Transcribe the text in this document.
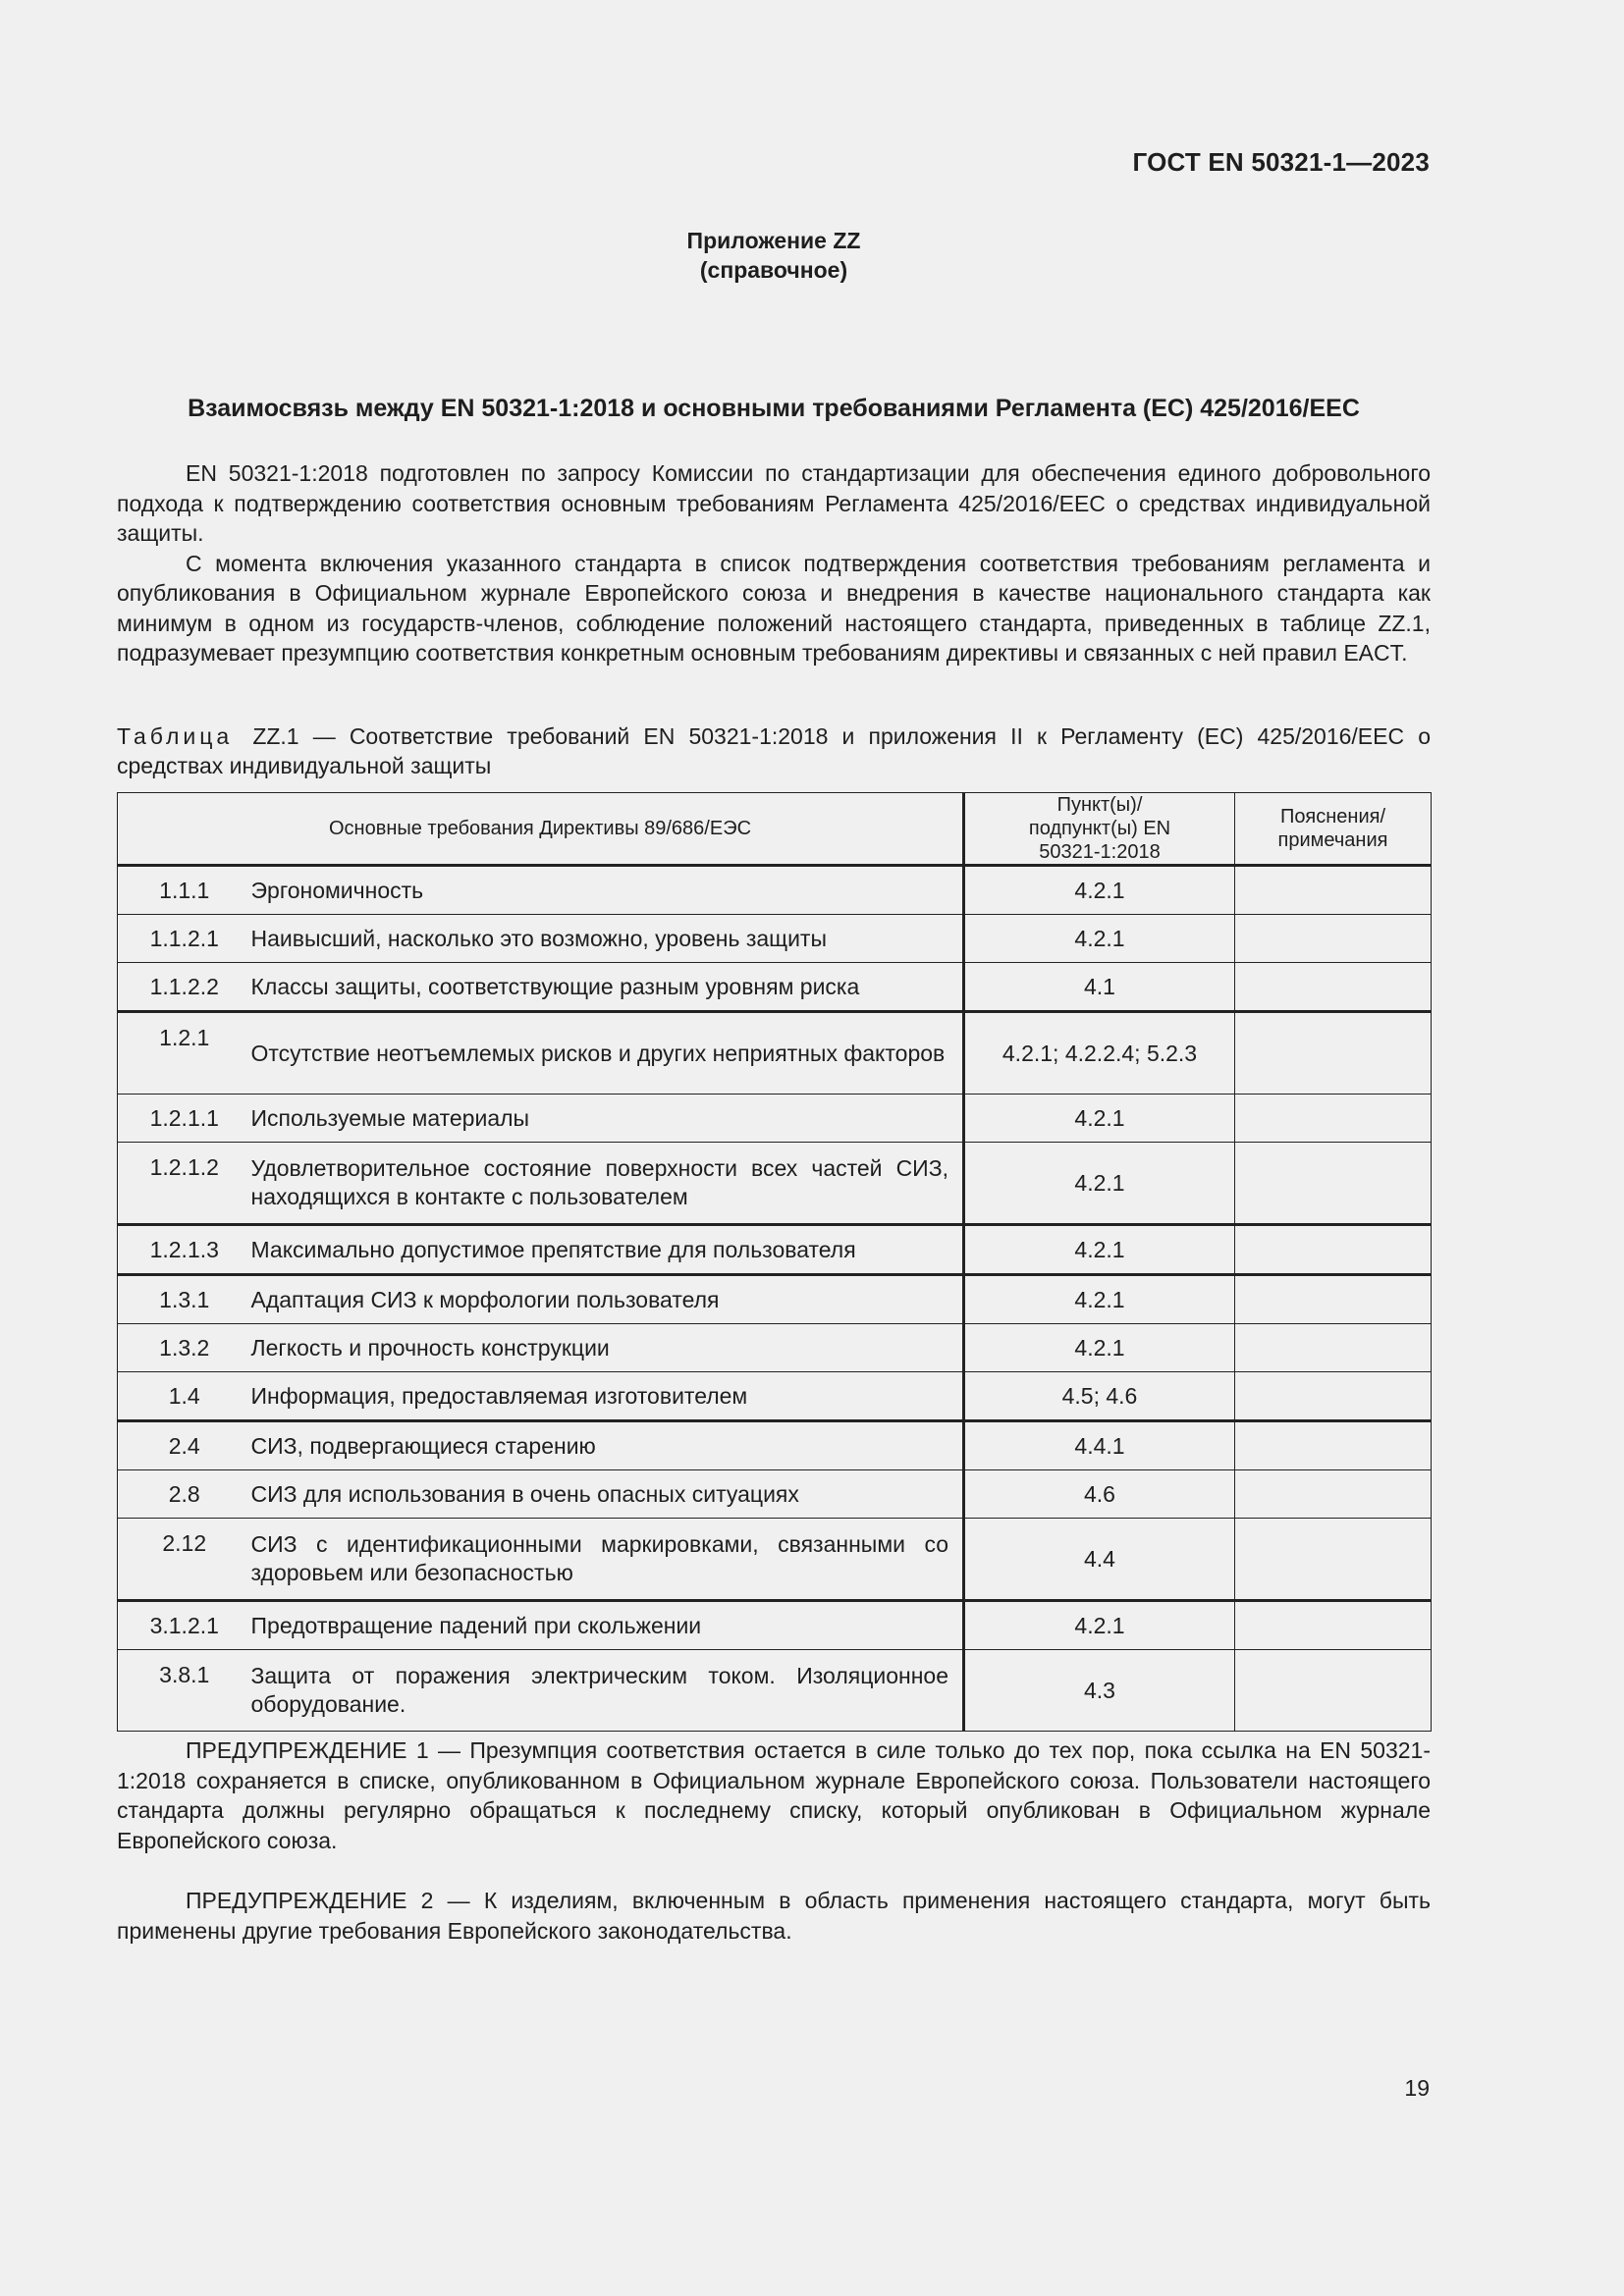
ГОСТ EN 50321-1—2023
Приложение ZZ
(справочное)
Взаимосвязь между EN 50321-1:2018 и основными требованиями Регламента (ЕС) 425/2016/EEC

EN 50321-1:2018 подготовлен по запросу Комиссии по стандартизации для обеспечения единого добровольного подхода к подтверждению соответствия основным требованиям Регламента 425/2016/EEC о средствах индивидуальной защиты.

С момента включения указанного стандарта в список подтверждения соответствия требованиям регламента и опубликования в Официальном журнале Европейского союза и внедрения в качестве национального стандарта как минимум в одном из государств-членов, соблюдение положений настоящего стандарта, приведенных в таблице ZZ.1, подразумевает презумпцию соответствия конкретным основным требованиям директивы и связанных с ней правил EACT.

Таблица ZZ.1 — Соответствие требований EN 50321-1:2018 и приложения II к Регламенту (ЕС) 425/2016/EEC о средствах индивидуальной защиты
Основные требования Директивы 89/686/ЕЭС		Пункт(ы)/подпункт(ы) EN 50321-1:2018	Пояснения/ примечания

1.1.1	Эргономичность	4.2.1	
1.1.2.1	Наивысший, насколько это возможно, уровень защиты	4.2.1	
1.1.2.2	Классы защиты, соответствующие разным уровням риска	4.1	
1.2.1	Отсутствие неотъемлемых рисков и других неприятных факторов	4.2.1; 4.2.2.4; 5.2.3	
1.2.1.1	Используемые материалы	4.2.1	
1.2.1.2	Удовлетворительное состояние поверхности всех частей СИЗ, находящихся в контакте с пользователем	4.2.1	
1.2.1.3	Максимально допустимое препятствие для пользователя	4.2.1	
1.3.1	Адаптация СИЗ к морфологии пользователя	4.2.1	
1.3.2	Легкость и прочность конструкции	4.2.1	
1.4	Информация, предоставляемая изготовителем	4.5; 4.6	
2.4	СИЗ, подвергающиеся старению	4.4.1	
2.8	СИЗ для использования в очень опасных ситуациях	4.6	
2.12	СИЗ с идентификационными маркировками, связанными со здоровьем или безопасностью	4.4	
3.1.2.1	Предотвращение падений при скольжении	4.2.1	
3.8.1	Защита от поражения электрическим током. Изоляционное оборудование.	4.3	

ПРЕДУПРЕЖДЕНИЕ 1 — Презумпция соответствия остается в силе только до тех пор, пока ссылка на EN 50321-1:2018 сохраняется в списке, опубликованном в Официальном журнале Европейского союза. Пользователи настоящего стандарта должны регулярно обращаться к последнему списку, который опубликован в Официальном журнале Европейского союза.

ПРЕДУПРЕЖДЕНИЕ 2 — К изделиям, включенным в область применения настоящего стандарта, могут быть применены другие требования Европейского законодательства.

19
